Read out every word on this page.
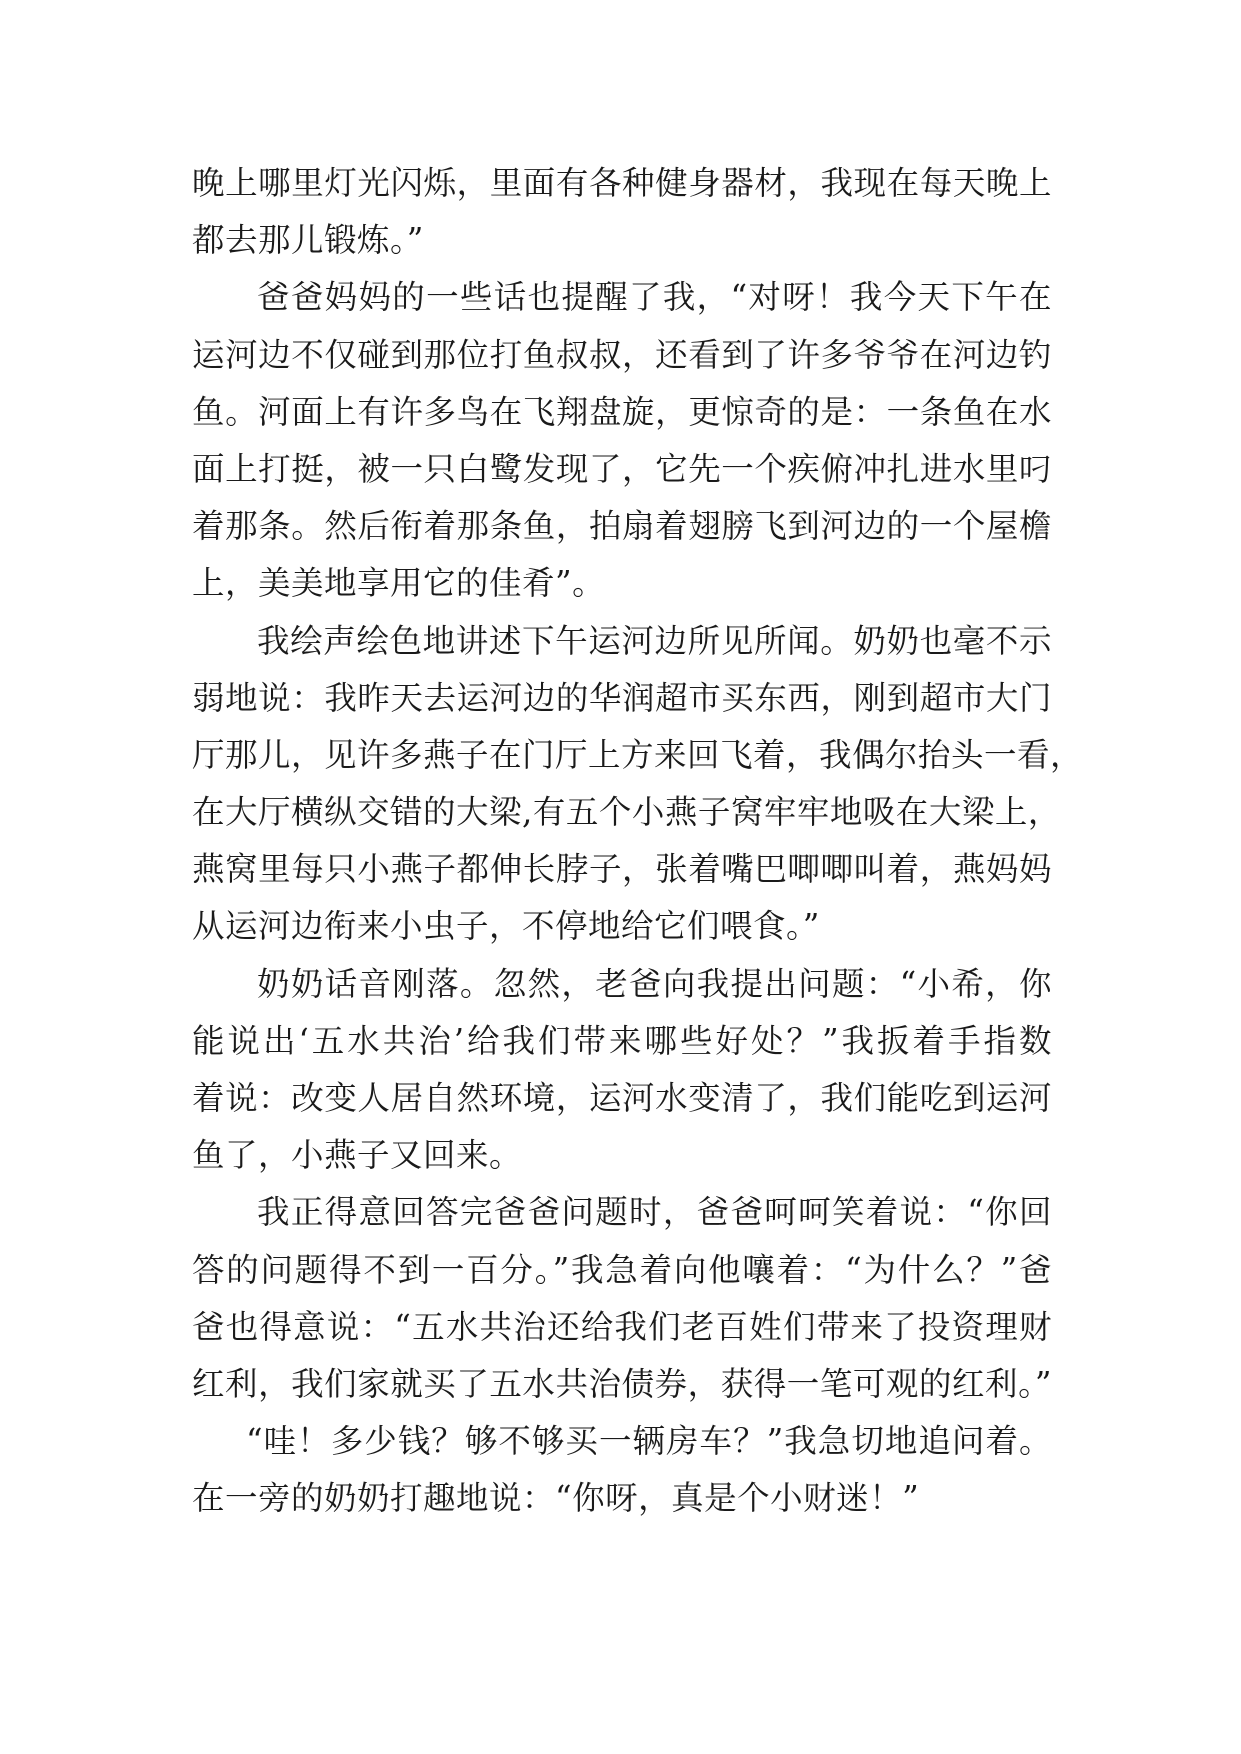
晚上哪里灯光闪烁，里面有各种健身器材，我现在每天晚上
都去那儿锻炼。”
爸爸妈妈的一些话也提醒了我，“对呀！我今天下午在
运河边不仅碰到那位打鱼叔叔，还看到了许多爷爷在河边钓
鱼。河面上有许多鸟在飞翔盘旋，更惊奇的是：一条鱼在水
面上打挺，被一只白鹭发现了，它先一个疾俯冲扎进水里叼
着那条。然后衔着那条鱼，拍扇着翅膀飞到河边的一个屋檐
上，美美地享用它的佳肴”。
我绘声绘色地讲述下午运河边所见所闻。奶奶也毫不示
弱地说：我昨天去运河边的华润超市买东西，刚到超市大门
厅那儿，见许多燕子在门厅上方来回飞着，我偶尔抬头一看，
在大厅横纵交错的大梁,有五个小燕子窝牢牢地吸在大梁上，
燕窝里每只小燕子都伸长脖子，张着嘴巴唧唧叫着，燕妈妈
从运河边衔来小虫子，不停地给它们喂食。”
奶奶话音刚落。忽然，老爸向我提出问题：“小希，你
能说出‘五水共治’给我们带来哪些好处？”我扳着手指数
着说：改变人居自然环境，运河水变清了，我们能吃到运河
鱼了，小燕子又回来。
我正得意回答完爸爸问题时，爸爸呵呵笑着说：“你回
答的问题得不到一百分。”我急着向他嚷着：“为什么？”爸
爸也得意说：“五水共治还给我们老百姓们带来了投资理财
红利，我们家就买了五水共治债券，获得一笔可观的红利。”
“哇！多少钱？够不够买一辆房车？”我急切地追问着。
在一旁的奶奶打趣地说：“你呀，真是个小财迷！”
